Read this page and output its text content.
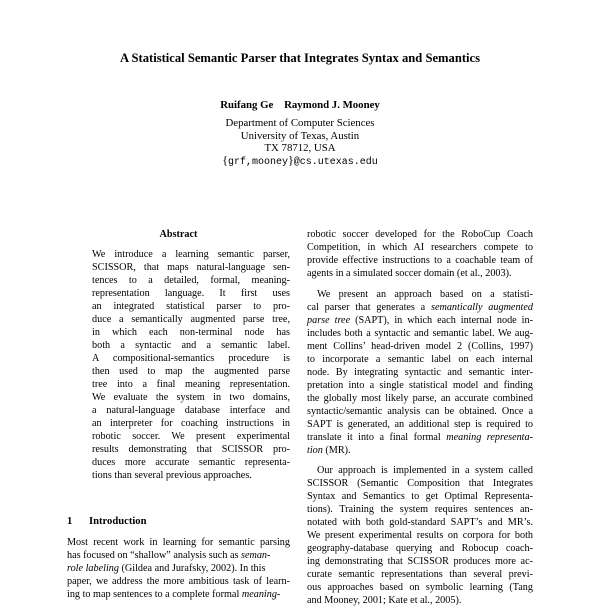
A Statistical Semantic Parser that Integrates Syntax and Semantics
Ruifang Ge    Raymond J. Mooney
Department of Computer Sciences
University of Texas, Austin
TX 78712, USA
{grf,mooney}@cs.utexas.edu
Abstract
We introduce a learning semantic parser,
SCISSOR, that maps natural-language sen-
tences to a detailed, formal, meaning-
representation language. It first uses
an integrated statistical parser to pro-
duce a semantically augmented parse tree,
in which each non-terminal node has
both a syntactic and a semantic label.
A compositional-semantics procedure is
then used to map the augmented parse
tree into a final meaning representation.
We evaluate the system in two domains,
a natural-language database interface and
an interpreter for coaching instructions in
robotic soccer. We present experimental
results demonstrating that SCISSOR pro-
duces more accurate semantic representa-
tions than several previous approaches.
1 Introduction
Most recent work in learning for semantic parsing
has focused on “shallow” analysis such as seman-
role labeling (Gildea and Jurafsky, 2002). In this
paper, we address the more ambitious task of learn-
ing to map sentences to a complete formal meaning-
robotic soccer developed for the RoboCup Coach
Competition, in which AI researchers compete to
provide effective instructions to a coachable team of
agents in a simulated soccer domain (et al., 2003).
We present an approach based on a statisti-
cal parser that generates a semantically augmented
parse tree (SAPT), in which each internal node in-
includes both a syntactic and semantic label. We aug-
ment Collins’ head-driven model 2 (Collins, 1997)
to incorporate a semantic label on each internal
node. By integrating syntactic and semantic inter-
pretation into a single statistical model and finding
the globally most likely parse, an accurate combined
syntactic/semantic analysis can be obtained. Once a
SAPT is generated, an additional step is required to
translate it into a final formal meaning representa-
tion (MR).
Our approach is implemented in a system called
SCISSOR (Semantic Composition that Integrates
Syntax and Semantics to get Optimal Representa-
tions). Training the system requires sentences an-
notated with both gold-standard SAPT’s and MR’s.
We present experimental results on corpora for both
geography-database querying and Robocup coach-
ing demonstrating that SCISSOR produces more ac-
curate semantic representations than several previ-
ous approaches based on symbolic learning (Tang
and Mooney, 2001; Kate et al., 2005).
